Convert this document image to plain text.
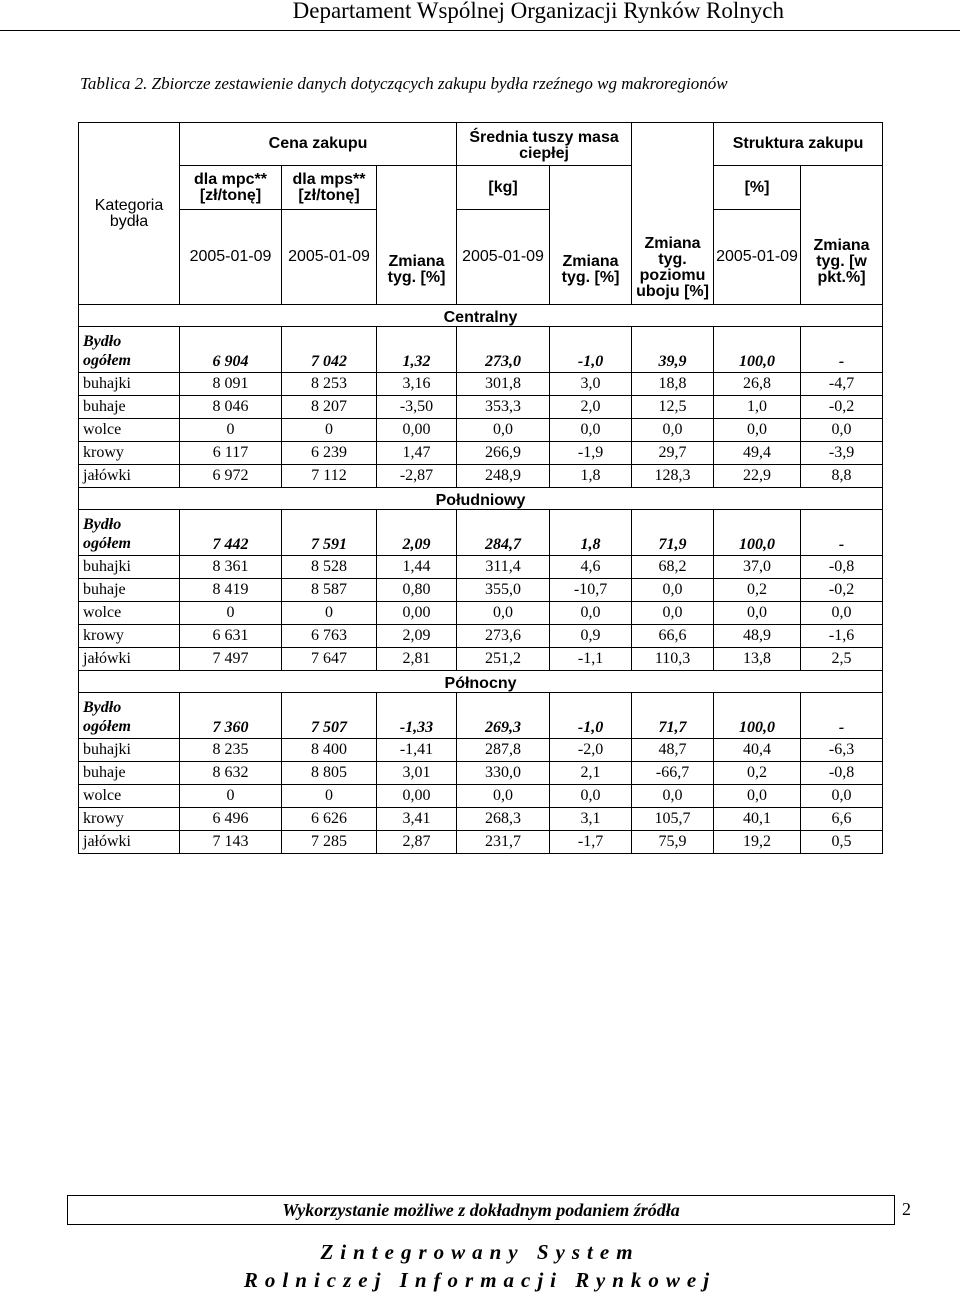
Departament Wspólnej Organizacji Rynków Rolnych
Tablica 2. Zbiorcze zestawienie danych dotyczących zakupu bydła rzeźnego wg makroregionów
Kategoria bydła	Cena zakupu			Średnia tuszy masa ciepłej		Zmiana tyg. poziomu uboju [%]	Struktura zakupu	
	dla mpc** [zł/tonę]	dla mps** [zł/tonę]	Zmiana tyg. [%]	[kg]	Zmiana tyg. [%]		[%]	Zmiana tyg. [w pkt.%]
	2005-01-09	2005-01-09		2005-01-09			2005-01-09	
Centralny								

Bydło
ogółem	6 904	7 042	1,32	273,0	-1,0	39,9	100,0	-
buhajki	8 091	8 253	3,16	301,8	3,0	18,8	26,8	-4,7
buhaje	8 046	8 207	-3,50	353,3	2,0	12,5	1,0	-0,2
wolce	0	0	0,00	0,0	0,0	0,0	0,0	0,0
krowy	6 117	6 239	1,47	266,9	-1,9	29,7	49,4	-3,9
jałówki	6 972	7 112	-2,87	248,9	1,8	128,3	22,9	8,8
Południowy								

Bydło
ogółem	7 442	7 591	2,09	284,7	1,8	71,9	100,0	-
buhajki	8 361	8 528	1,44	311,4	4,6	68,2	37,0	-0,8
buhaje	8 419	8 587	0,80	355,0	-10,7	0,0	0,2	-0,2
wolce	0	0	0,00	0,0	0,0	0,0	0,0	0,0
krowy	6 631	6 763	2,09	273,6	0,9	66,6	48,9	-1,6
jałówki	7 497	7 647	2,81	251,2	-1,1	110,3	13,8	2,5
Północny								

Bydło
ogółem	7 360	7 507	-1,33	269,3	-1,0	71,7	100,0	-
buhajki	8 235	8 400	-1,41	287,8	-2,0	48,7	40,4	-6,3
buhaje	8 632	8 805	3,01	330,0	2,1	-66,7	0,2	-0,8
wolce	0	0	0,00	0,0	0,0	0,0	0,0	0,0
krowy	6 496	6 626	3,41	268,3	3,1	105,7	40,1	6,6
jałówki	7 143	7 285	2,87	231,7	-1,7	75,9	19,2	0,5
Wykorzystanie możliwe z dokładnym podaniem źródła	2
Zintegrowany System
Rolniczej Informacji Rynkowej
